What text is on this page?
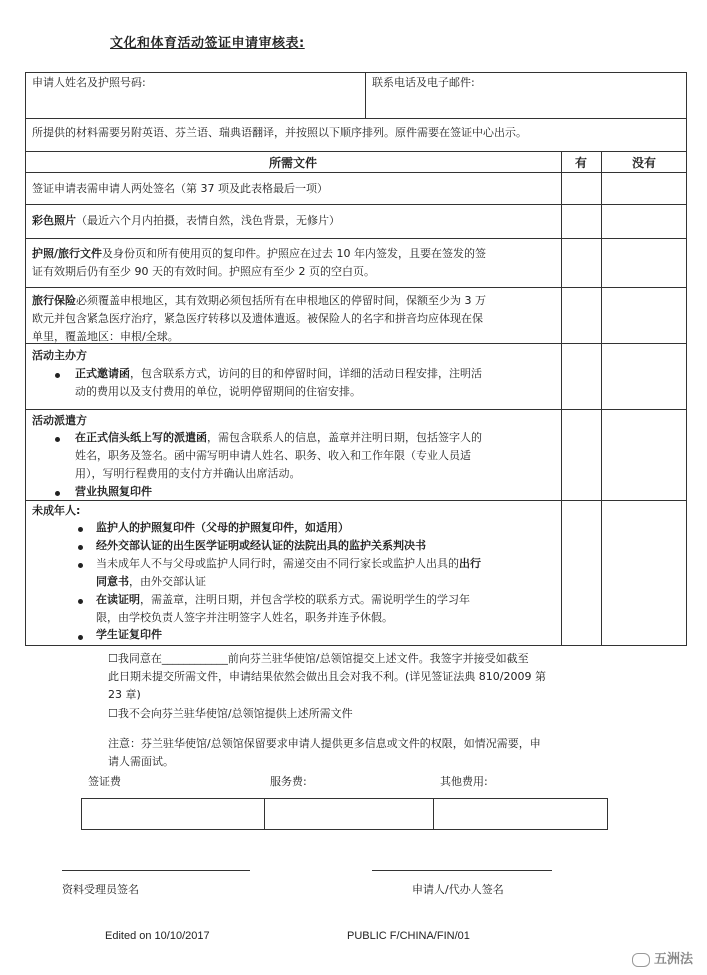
文化和体育活动签证申请审核表:
申请人姓名及护照号码:	联系电话及电子邮件:
所提供的材料需要另附英语、芬兰语、瑞典语翻译，并按照以下顺序排列。原件需要在签证中心出示。
所需文件	有	没有
签证申请表需申请人两处签名（第 37 项及此表格最后一项）
彩色照片（最近六个月内拍摄，表情自然，浅色背景，无修片）
护照/旅行文件及身份页和所有使用页的复印件。护照应在过去 10 年内签发，且要在签发的签
证有效期后仍有至少 90 天的有效时间。护照应有至少 2 页的空白页。
旅行保险必须覆盖申根地区，其有效期必须包括所有在申根地区的停留时间，保额至少为 3 万
欧元并包含紧急医疗治疗，紧急医疗转移以及遗体遣返。被保险人的名字和拼音均应体现在保
单里，覆盖地区：申根/全球。
活动主办方
正式邀请函，包含联系方式，访问的目的和停留时间，详细的活动日程安排，注明活
动的费用以及支付费用的单位，说明停留期间的住宿安排。
活动派遣方
在正式信头纸上写的派遣函，需包含联系人的信息，盖章并注明日期，包括签字人的
姓名，职务及签名。函中需写明申请人姓名、职务、收入和工作年限（专业人员适
用），写明行程费用的支付方并确认出席活动。
营业执照复印件
未成年人:
监护人的护照复印件（父母的护照复印件，如适用）
经外交部认证的出生医学证明或经认证的法院出具的监护关系判决书
当未成年人不与父母或监护人同行时，需递交由不同行家长或监护人出具的出行
同意书，由外交部认证
在读证明，需盖章，注明日期，并包含学校的联系方式。需说明学生的学习年
限，由学校负责人签字并注明签字人姓名，职务并连予休假。
学生证复印件
☐我同意在____________前向芬兰驻华使馆/总领馆提交上述文件。我签字并接受如截至
此日期未提交所需文件，申请结果依然会做出且会对我不利。(详见签证法典 810/2009 第
23 章)
☐我不会向芬兰驻华使馆/总领馆提供上述所需文件
注意：芬兰驻华使馆/总领馆保留要求申请人提供更多信息或文件的权限，如情况需要，申
请人需面试。
签证费	服务费:	其他费用:
资料受理员签名	申请人/代办人签名
Edited on 10/10/2017	PUBLIC F/CHINA/FIN/01
五洲法
